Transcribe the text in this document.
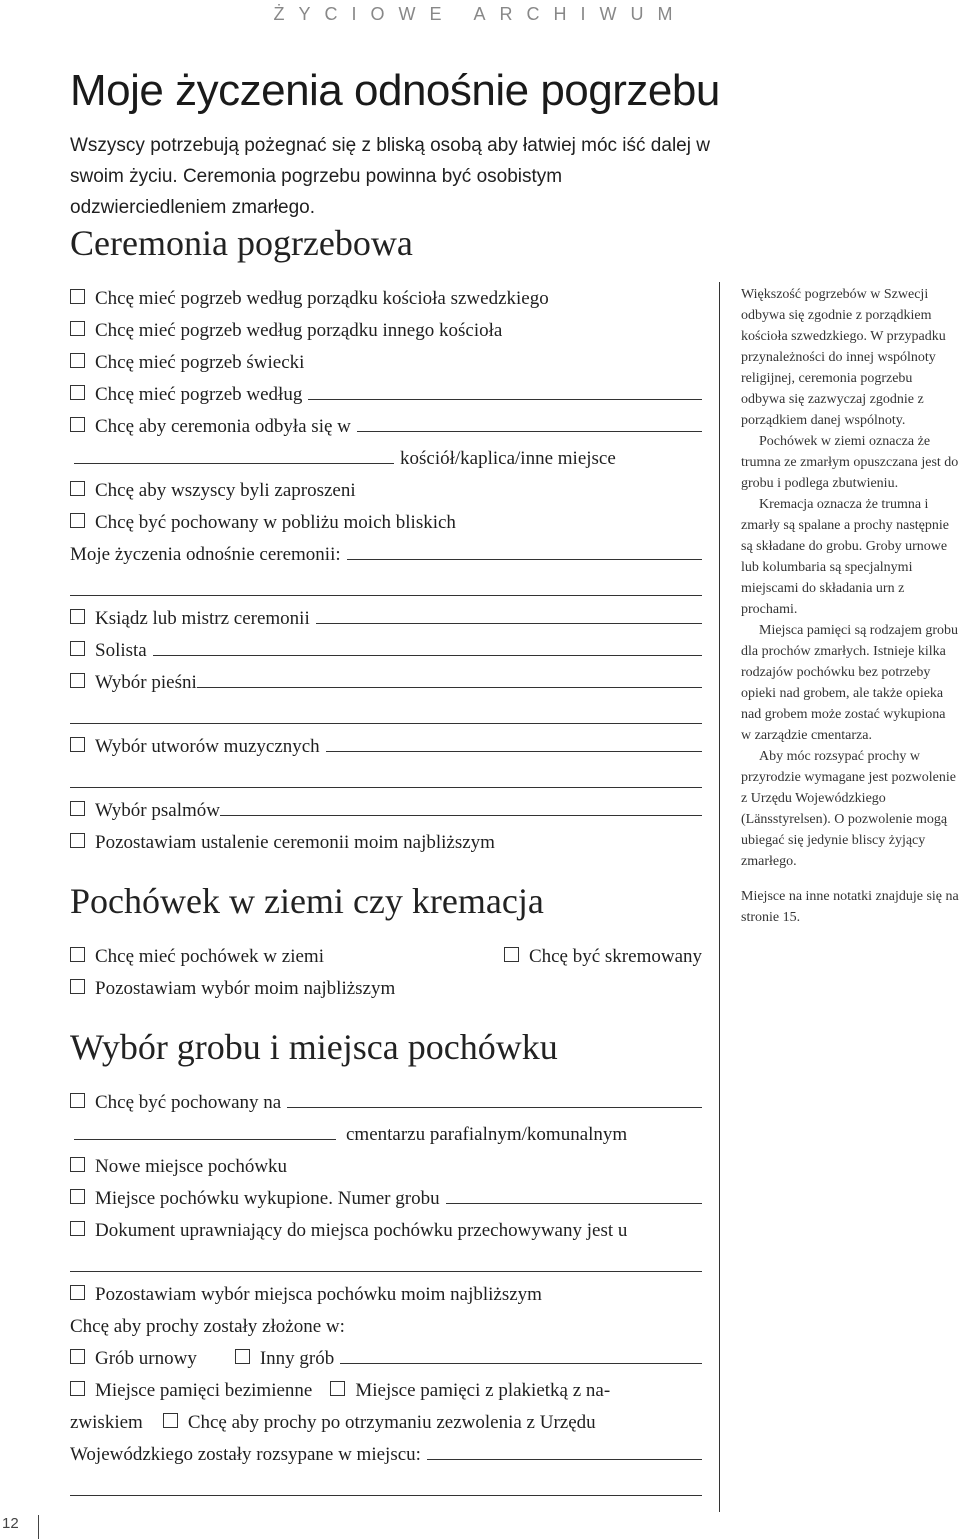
ŻYCIOWE ARCHIWUM
Moje życzenia odnośnie pogrzebu
Wszyscy potrzebują pożegnać się z bliską osobą aby łatwiej móc iść dalej w swoim życiu. Ceremonia pogrzebu powinna być osobistym odzwierciedleniem zmarłego.
Ceremonia pogrzebowa
Chcę mieć pogrzeb według porządku kościoła szwedzkiego
Chcę mieć pogrzeb według porządku innego kościoła
Chcę mieć pogrzeb świecki
Chcę mieć pogrzeb według
Chcę aby ceremonia odbyła się w
kościół/kaplica/inne miejsce
Chcę aby wszyscy byli zaproszeni
Chcę być pochowany w pobliżu moich bliskich
Moje życzenia odnośnie ceremonii:
Ksiądz lub mistrz ceremonii
Solista
Wybór pieśni
Wybór utworów muzycznych
Wybór psalmów
Pozostawiam ustalenie ceremonii moim najbliższym
Pochówek w ziemi czy kremacja
Chcę mieć pochówek w ziemi	Chcę być skremowany
Pozostawiam wybór moim najbliższym
Wybór grobu i miejsca pochówku
Chcę być pochowany na
cmentarzu parafialnym/komunalnym
Nowe miejsce pochówku
Miejsce pochówku wykupione. Numer grobu
Dokument uprawniający do miejsca pochówku przechowywany jest u
Pozostawiam wybór miejsca pochówku moim najbliższym
Chcę aby prochy zostały złożone w:
Grób urnowy	Inny grób
Miejsce pamięci bezimienne Miejsce pamięci z plakietką z na-
zwiskiem Chcę aby prochy po otrzymaniu zezwolenia z Urzędu
Wojewódzkiego zostały rozsypane w miejscu:

Większość pogrzebów w Szwecji odbywa się zgodnie z porządkiem kościoła szwedzkiego. W przypadku przynależności do innej wspólnoty religijnej, ceremonia pogrzebu odbywa się zazwyczaj zgodnie z porządkiem danej wspólnoty.

Pochówek w ziemi oznacza że trumna ze zmarłym opuszczana jest do grobu i podlega zbutwieniu.

Kremacja oznacza że trumna i zmarły są spalane a prochy następnie są składane do grobu. Groby urnowe lub kolumbaria są specjalnymi miejscami do składania urn z prochami.

Miejsca pamięci są rodzajem grobu dla prochów zmarłych. Istnieje kilka rodzajów pochówku bez potrzeby opieki nad grobem, ale także opieka nad grobem może zostać wykupiona w zarządzie cmentarza.

Aby móc rozsypać prochy w przyrodzie wymagane jest pozwolenie z Urzędu Wojewódzkiego (Länsstyrelsen). O pozwolenie mogą ubiegać się jedynie bliscy żyjący zmarłego.

Miejsce na inne notatki znajduje się na stronie 15.

12
